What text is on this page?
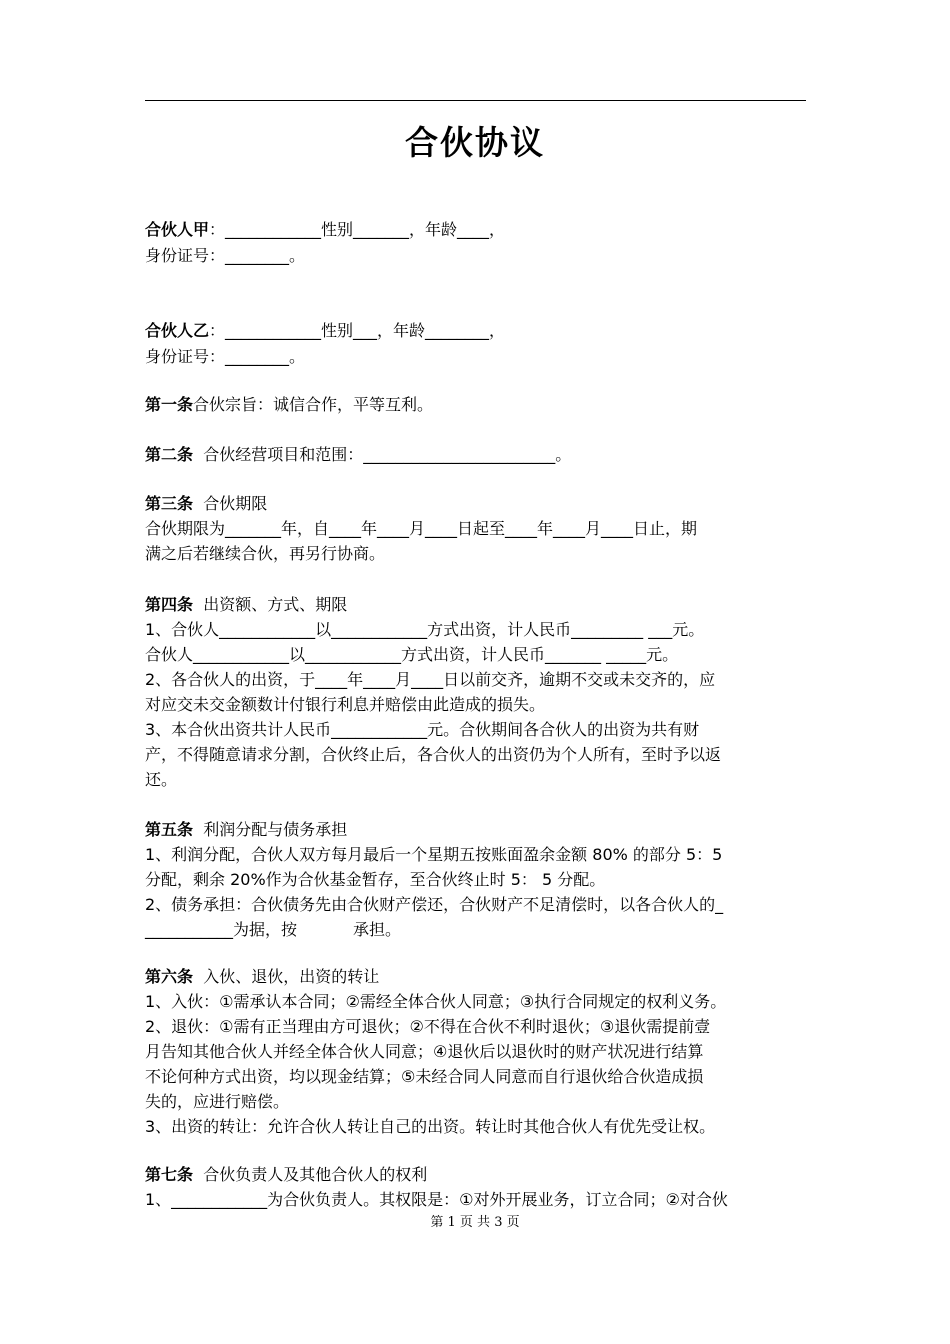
合伙协议
合伙人甲：____________性别_______，年龄____，
身份证号：________。
合伙人乙：____________性别___，年龄________，
身份证号：________。
第一条合伙宗旨：诚信合作，平等互利。
第二条  合伙经营项目和范围：________________________。
第三条  合伙期限
合伙期限为_______年，自____年____月____日起至____年____月____日止，期
满之后若继续合伙，再另行协商。
第四条  出资额、方式、期限
1、合伙人____________以____________方式出资，计人民币_________ ___元。
合伙人____________以____________方式出资，计人民币_______ _____元。
2、各合伙人的出资，于____年____月____日以前交齐，逾期不交或未交齐的，应
对应交未交金额数计付银行利息并赔偿由此造成的损失。
3、本合伙出资共计人民币____________元。合伙期间各合伙人的出资为共有财
产，不得随意请求分割，合伙终止后，各合伙人的出资仍为个人所有，至时予以返
还。
第五条  利润分配与债务承担
1、利润分配，合伙人双方每月最后一个星期五按账面盈余金额 80% 的部分 5：5
分配，剩余 20%作为合伙基金暂存，至合伙终止时 5： 5 分配。
2、债务承担：合伙债务先由合伙财产偿还，合伙财产不足清偿时，以各合伙人的_
___________为据，按           承担。
第六条  入伙、退伙，出资的转让
1、入伙：①需承认本合同；②需经全体合伙人同意；③执行合同规定的权利义务。
2、退伙：①需有正当理由方可退伙；②不得在合伙不利时退伙；③退伙需提前壹
月告知其他合伙人并经全体合伙人同意；④退伙后以退伙时的财产状况进行结算
不论何种方式出资，均以现金结算；⑤未经合同人同意而自行退伙给合伙造成损
失的，应进行赔偿。
3、出资的转让：允许合伙人转让自己的出资。转让时其他合伙人有优先受让权。
第七条  合伙负责人及其他合伙人的权利
1、____________为合伙负责人。其权限是：①对外开展业务，订立合同；②对合伙
第 1 页 共 3 页
